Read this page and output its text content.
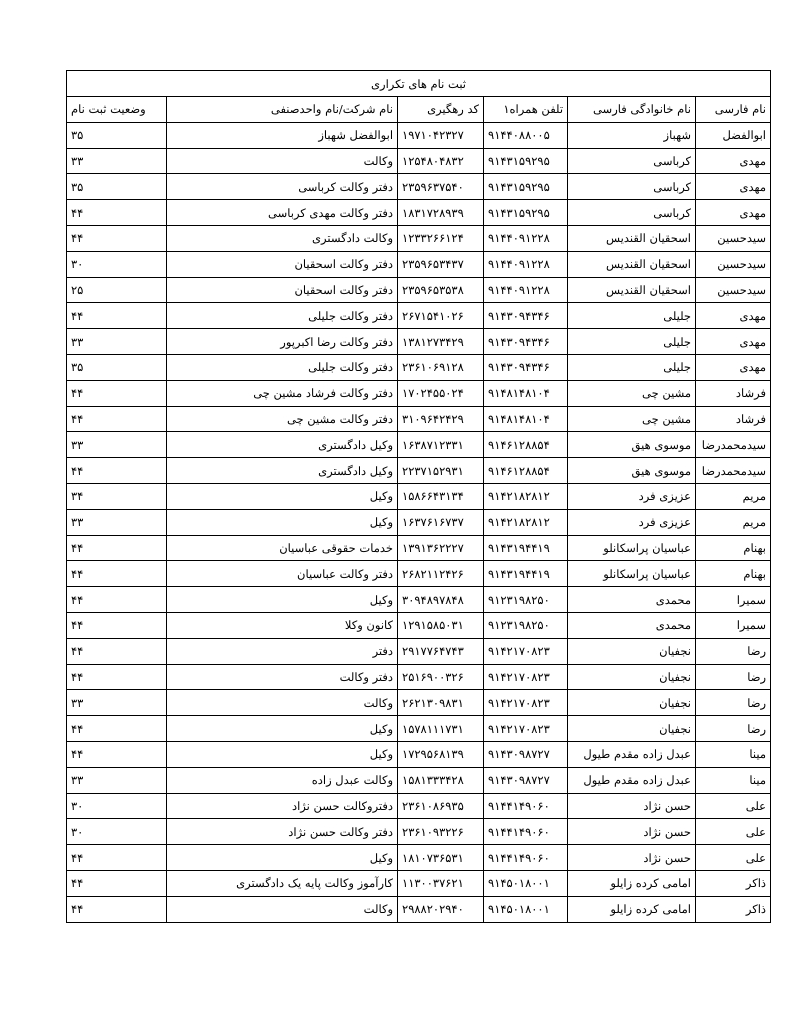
ثبت نام های تکراری					
نام فارسی	نام خانوادگی فارسی	تلفن همراه۱	کد رهگیری	نام شرکت/نام واحدصنفی	وضعیت ثبت نام
ابوالفضل	شهباز	۹۱۴۴۰۸۸۰۰۵	۱۹۷۱۰۴۲۳۲۷	ابوالفضل شهباز	۳۵
مهدی	کرباسی	۹۱۴۳۱۵۹۲۹۵	۱۲۵۴۸۰۴۸۳۲	وکالت	۳۳
مهدی	کرباسی	۹۱۴۳۱۵۹۲۹۵	۲۳۵۹۶۳۷۵۴۰	دفتر وکالت کرباسی	۳۵
مهدی	کرباسی	۹۱۴۳۱۵۹۲۹۵	۱۸۳۱۷۲۸۹۳۹	دفتر وکالت مهدی کرباسی	۴۴
سیدحسین	اسحقیان القندیس	۹۱۴۴۰۹۱۲۲۸	۱۲۳۳۲۶۶۱۲۴	وکالت دادگستری	۴۴
سیدحسین	اسحقیان القندیس	۹۱۴۴۰۹۱۲۲۸	۲۳۵۹۶۵۳۴۳۷	دفتر وکالت اسحقیان	۳۰
سیدحسین	اسحقیان القندیس	۹۱۴۴۰۹۱۲۲۸	۲۳۵۹۶۵۳۵۳۸	دفتر وکالت اسحقیان	۲۵
مهدی	جلیلی	۹۱۴۳۰۹۴۳۴۶	۲۶۷۱۵۴۱۰۲۶	دفتر وکالت جلیلی	۴۴
مهدی	جلیلی	۹۱۴۳۰۹۴۳۴۶	۱۳۸۱۲۷۳۴۲۹	دفتر وکالت رضا اکبرپور	۳۳
مهدی	جلیلی	۹۱۴۳۰۹۴۳۴۶	۲۳۶۱۰۶۹۱۲۸	دفتر وکالت جلیلی	۳۵
فرشاد	مشین چی	۹۱۴۸۱۴۸۱۰۴	۱۷۰۲۴۵۵۰۲۴	دفتر وکالت فرشاد مشین چی	۴۴
فرشاد	مشین چی	۹۱۴۸۱۴۸۱۰۴	۳۱۰۹۶۴۲۴۲۹	دفتر وکالت مشین چی	۴۴
سیدمحمدرضا	موسوی هیق	۹۱۴۶۱۲۸۸۵۴	۱۶۳۸۷۱۲۳۳۱	وکیل دادگستری	۳۳
سیدمحمدرضا	موسوی هیق	۹۱۴۶۱۲۸۸۵۴	۲۲۳۷۱۵۲۹۳۱	وکیل دادگستری	۴۴
مریم	عزیزی فرد	۹۱۴۲۱۸۲۸۱۲	۱۵۸۶۶۴۳۱۳۴	وکیل	۳۴
مریم	عزیزی فرد	۹۱۴۲۱۸۲۸۱۲	۱۶۳۷۶۱۶۷۳۷	وکیل	۳۳
بهنام	عباسیان پراسکانلو	۹۱۴۳۱۹۴۴۱۹	۱۳۹۱۳۶۲۲۲۷	خدمات حقوقی عباسیان	۴۴
بهنام	عباسیان پراسکانلو	۹۱۴۳۱۹۴۴۱۹	۲۶۸۲۱۱۲۴۲۶	دفتر وکالت عباسیان	۴۴
سمیرا	محمدی	۹۱۲۳۱۹۸۲۵۰	۳۰۹۴۸۹۷۸۴۸	وکیل	۴۴
سمیرا	محمدی	۹۱۲۳۱۹۸۲۵۰	۱۲۹۱۵۸۵۰۳۱	کانون وکلا	۴۴
رضا	نجفیان	۹۱۴۲۱۷۰۸۲۳	۲۹۱۷۷۶۴۷۴۳	دفتر	۴۴
رضا	نجفیان	۹۱۴۲۱۷۰۸۲۳	۲۵۱۶۹۰۰۳۲۶	دفتر وکالت	۴۴
رضا	نجفیان	۹۱۴۲۱۷۰۸۲۳	۲۶۲۱۳۰۹۸۳۱	وکالت	۳۳
رضا	نجفیان	۹۱۴۲۱۷۰۸۲۳	۱۵۷۸۱۱۱۷۳۱	وکیل	۴۴
مینا	عبدل زاده مقدم طیول	۹۱۴۳۰۹۸۷۲۷	۱۷۲۹۵۶۸۱۳۹	وکیل	۴۴
مینا	عبدل زاده مقدم طیول	۹۱۴۳۰۹۸۷۲۷	۱۵۸۱۳۳۳۴۲۸	وکالت عبدل زاده	۳۳
علی	حسن نژاد	۹۱۴۴۱۴۹۰۶۰	۲۳۶۱۰۸۶۹۳۵	دفتروکالت حسن نژاد	۳۰
علی	حسن نژاد	۹۱۴۴۱۴۹۰۶۰	۲۳۶۱۰۹۳۲۲۶	دفتر وکالت حسن نژاد	۳۰
علی	حسن نژاد	۹۱۴۴۱۴۹۰۶۰	۱۸۱۰۷۳۶۵۳۱	وکیل	۴۴
ذاکر	امامی کرده زایلو	۹۱۴۵۰۱۸۰۰۱	۱۱۳۰۰۳۷۶۲۱	کارآموز وکالت پایه یک دادگستری	۴۴
ذاکر	امامی کرده زایلو	۹۱۴۵۰۱۸۰۰۱	۲۹۸۸۲۰۲۹۴۰	وکالت	۴۴
